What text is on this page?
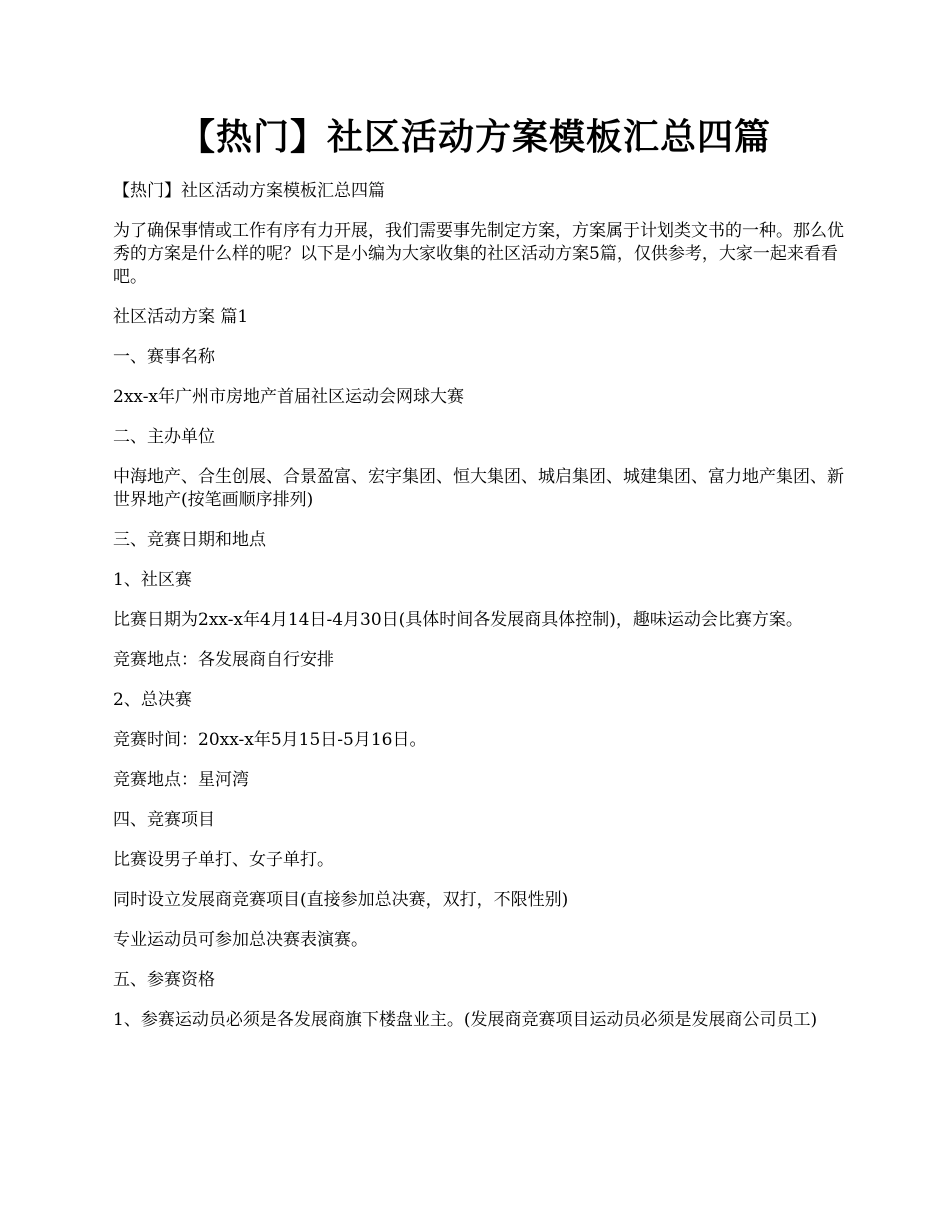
【热门】社区活动方案模板汇总四篇

【热门】社区活动方案模板汇总四篇

为了确保事情或工作有序有力开展，我们需要事先制定方案，方案属于计划类文书的一种。那么优秀的方案是什么样的呢？以下是小编为大家收集的社区活动方案5篇，仅供参考，大家一起来看看吧。

社区活动方案 篇1

一、赛事名称

2xx-x年广州市房地产首届社区运动会网球大赛

二、主办单位

中海地产、合生创展、合景盈富、宏宇集团、恒大集团、城启集团、城建集团、富力地产集团、新世界地产(按笔画顺序排列)

三、竞赛日期和地点

1、社区赛

比赛日期为2xx-x年4月14日-4月30日(具体时间各发展商具体控制)，趣味运动会比赛方案。

竞赛地点：各发展商自行安排

2、总决赛

竞赛时间：20xx-x年5月15日-5月16日。

竞赛地点：星河湾

四、竞赛项目

比赛设男子单打、女子单打。

同时设立发展商竞赛项目(直接参加总决赛，双打，不限性别)

专业运动员可参加总决赛表演赛。

五、参赛资格

1、参赛运动员必须是各发展商旗下楼盘业主。(发展商竞赛项目运动员必须是发展商公司员工)
